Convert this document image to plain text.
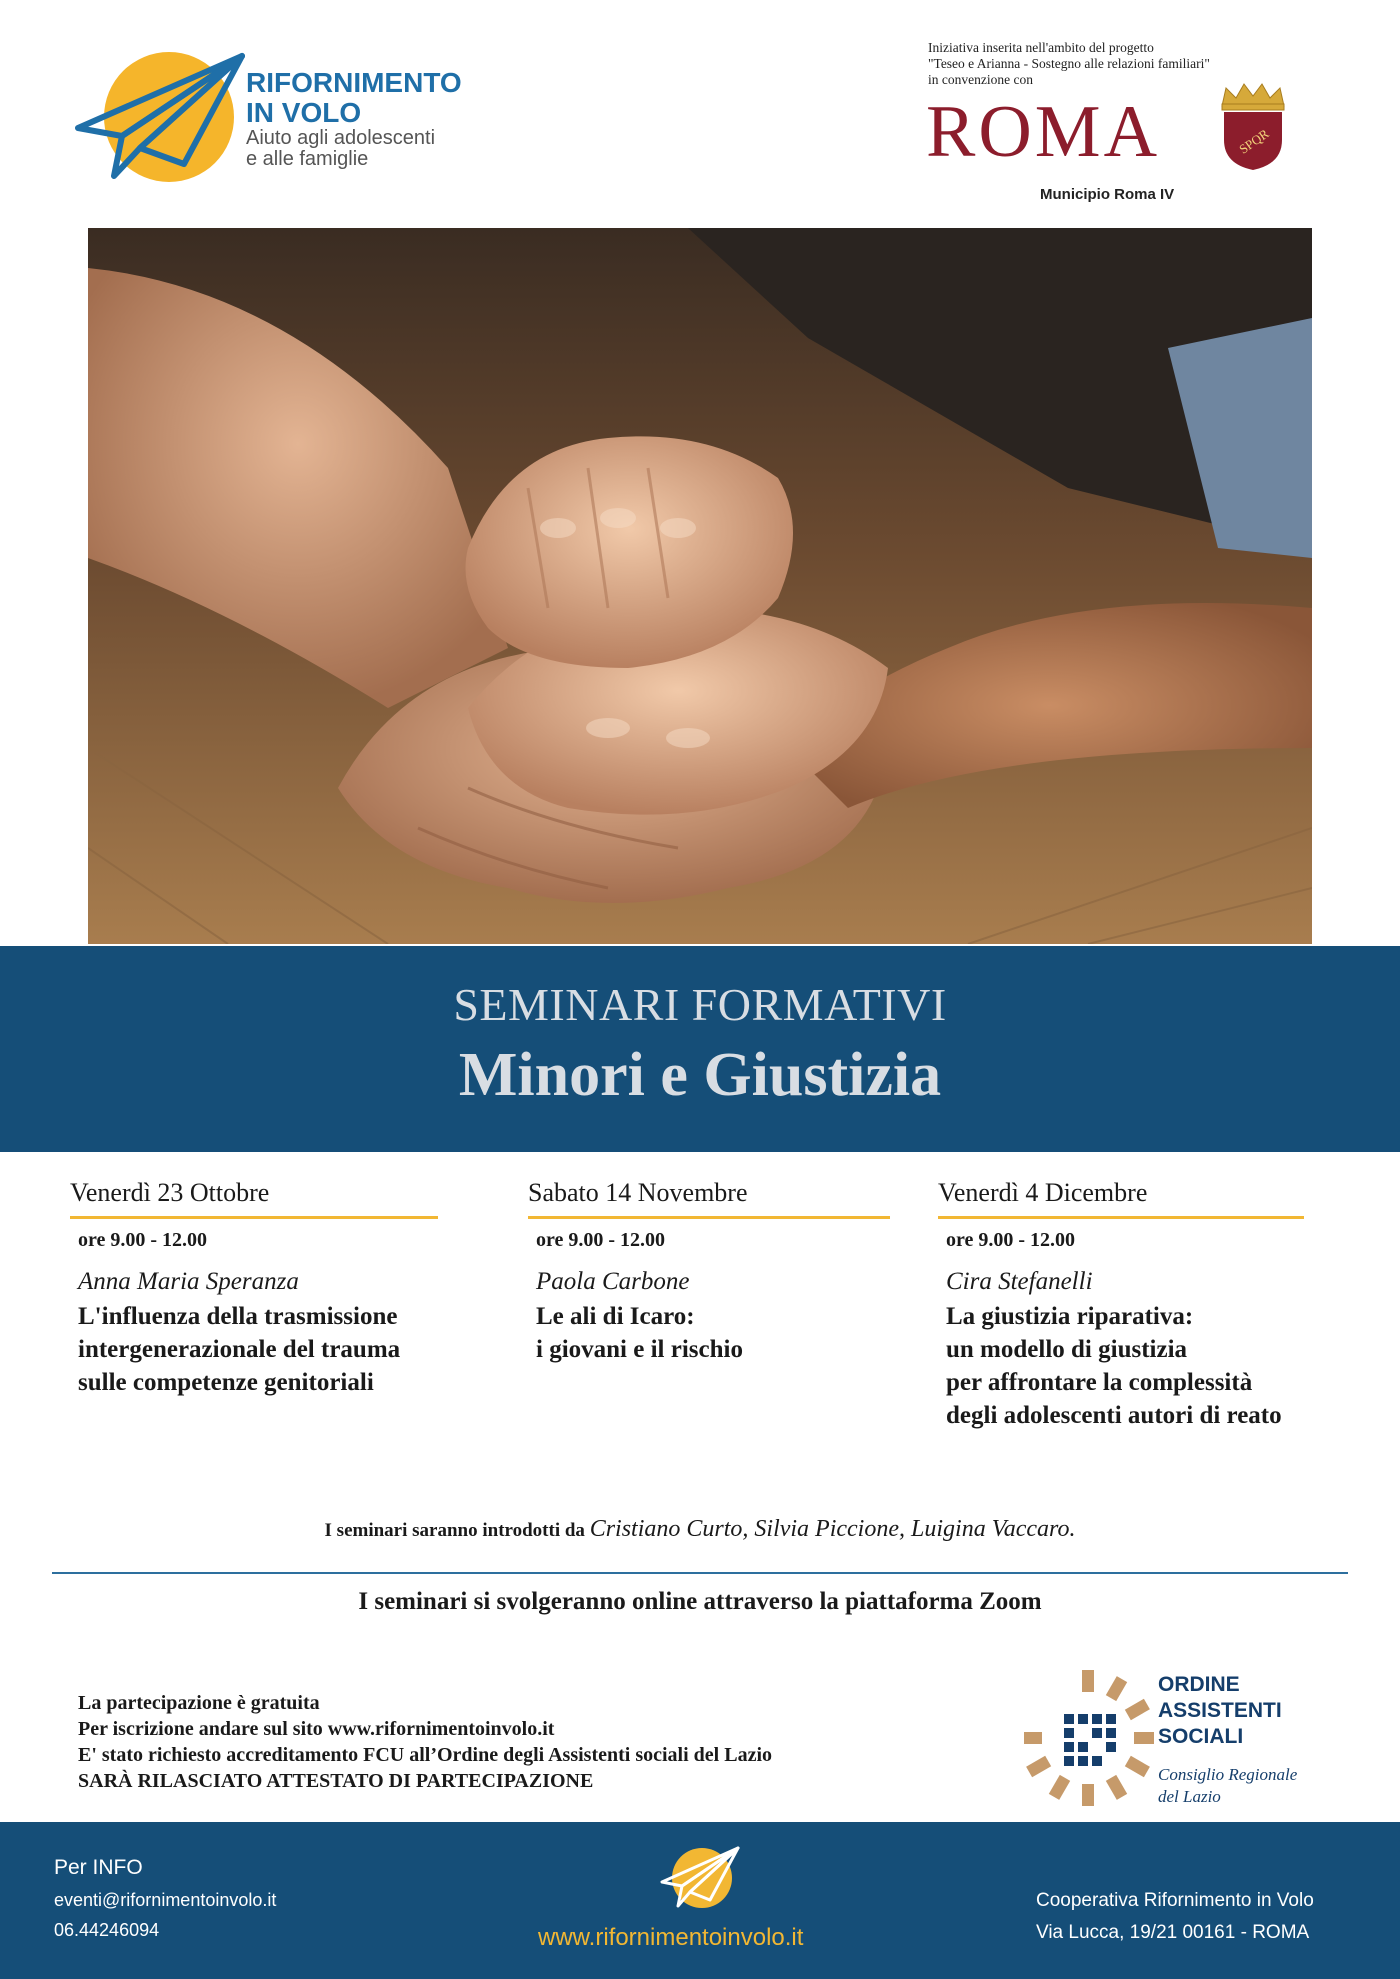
RIFORNIMENTO
IN VOLO
Aiuto agli adolescenti
e alle famiglie
Iniziativa inserita nell'ambito del progetto
"Teseo e Arianna - Sostegno alle relazioni familiari"
in convenzione con
ROMA	SPQR
Municipio Roma IV
SEMINARI FORMATIVI
Minori e Giustizia
Venerdì 23 Ottobre
ore 9.00 - 12.00
Anna Maria Speranza
L'influenza della trasmissione
intergenerazionale del trauma
sulle competenze genitoriali
Sabato 14 Novembre
ore 9.00 - 12.00
Paola Carbone
Le ali di Icaro:
i giovani e il rischio
Venerdì 4 Dicembre
ore 9.00 - 12.00
Cira Stefanelli
La giustizia riparativa:
un modello di giustizia
per affrontare la complessità
degli adolescenti autori di reato
I seminari saranno introdotti da Cristiano Curto, Silvia Piccione, Luigina Vaccaro.
I seminari si svolgeranno online attraverso la piattaforma Zoom
La partecipazione è gratuita
Per iscrizione andare sul sito www.rifornimentoinvolo.it
E' stato richiesto accreditamento FCU all’Ordine degli Assistenti sociali del Lazio
SARÀ RILASCIATO ATTESTATO DI PARTECIPAZIONE
ORDINE
ASSISTENTI
SOCIALI
Consiglio Regionale
del Lazio
Per INFO
eventi@rifornimentoinvolo.it
06.44246094	www.rifornimentoinvolo.it
Cooperativa Rifornimento in Volo
Via Lucca, 19/21 00161 - ROMA
